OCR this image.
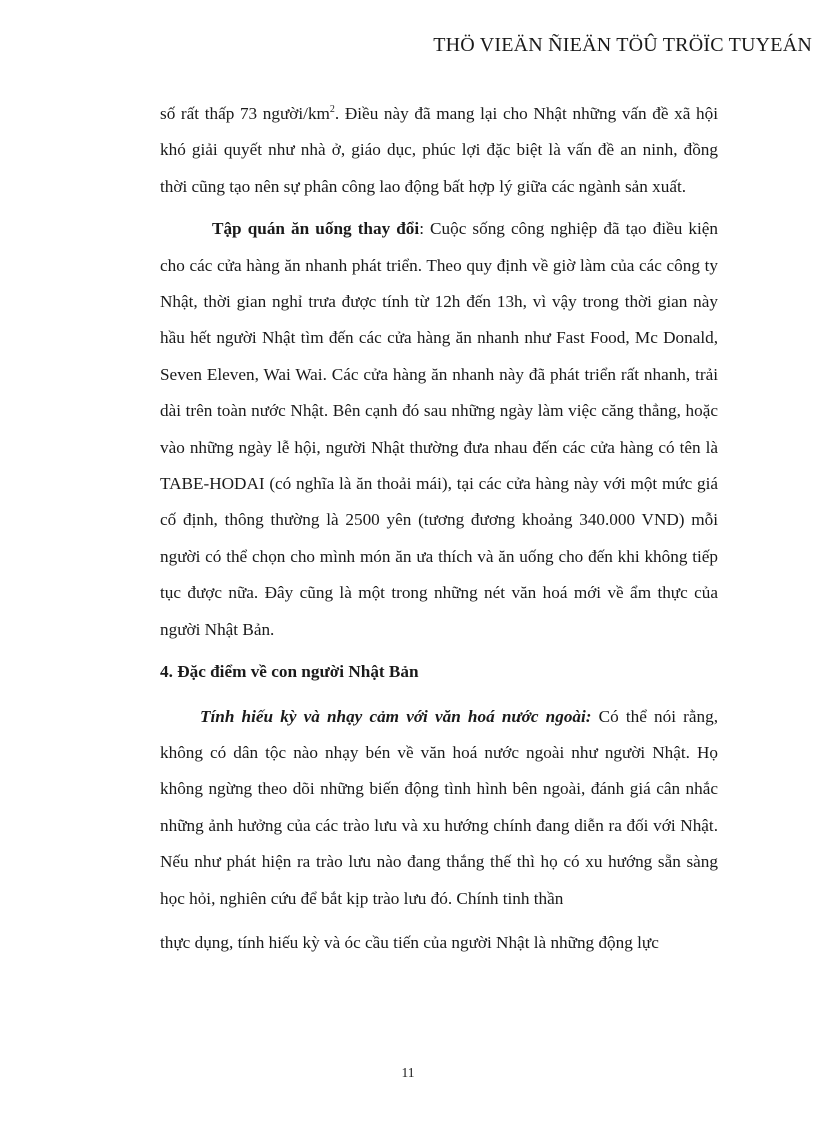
THÖ VIEÄN ÑIEÄN TÖÛ TRÖÏC TUYEÁN

số rất thấp 73 người/$km^2$. Điều này đã mang lại cho Nhật những vấn đề xã hội khó giải quyết như nhà ở, giáo dục, phúc lợi đặc biệt là vấn đề an ninh, đồng thời cũng tạo nên sự phân công lao động bất hợp lý giữa các ngành sản xuất.

Tập quán ăn uống thay đổi: Cuộc sống công nghiệp đã tạo điều kiện cho các cửa hàng ăn nhanh phát triển. Theo quy định về giờ làm của các công ty Nhật, thời gian nghỉ trưa được tính từ 12h đến 13h, vì vậy trong thời gian này hầu hết người Nhật tìm đến các cửa hàng ăn nhanh như Fast Food, Mc Donald, Seven Eleven, Wai Wai. Các cửa hàng ăn nhanh này đã phát triển rất nhanh, trải dài trên toàn nước Nhật. Bên cạnh đó sau những ngày làm việc căng thẳng, hoặc vào những ngày lễ hội, người Nhật thường đưa nhau đến các cửa hàng có tên là TABE-HODAI (có nghĩa là ăn thoải mái), tại các cửa hàng này với một mức giá cố định, thông thường là 2500 yên (tương đương khoảng 340.000 VND) mỗi người có thể chọn cho mình món ăn ưa thích và ăn uống cho đến khi không tiếp tục được nữa. Đây cũng là một trong những nét văn hoá mới về ẩm thực của người Nhật Bản.

4. Đặc điểm về con người Nhật Bản

Tính hiếu kỳ và nhạy cảm với văn hoá nước ngoài: Có thể nói rằng, không có dân tộc nào nhạy bén về văn hoá nước ngoài như người Nhật. Họ không ngừng theo dõi những biến động tình hình bên ngoài, đánh giá cân nhắc những ảnh hưởng của các trào lưu và xu hướng chính đang diễn ra đối với Nhật. Nếu như phát hiện ra trào lưu nào đang thắng thế thì họ có xu hướng sẵn sàng học hỏi, nghiên cứu để bắt kịp trào lưu đó. Chính tinh thần

thực dụng, tính hiếu kỳ và óc cầu tiến của người Nhật là những động lực

11
